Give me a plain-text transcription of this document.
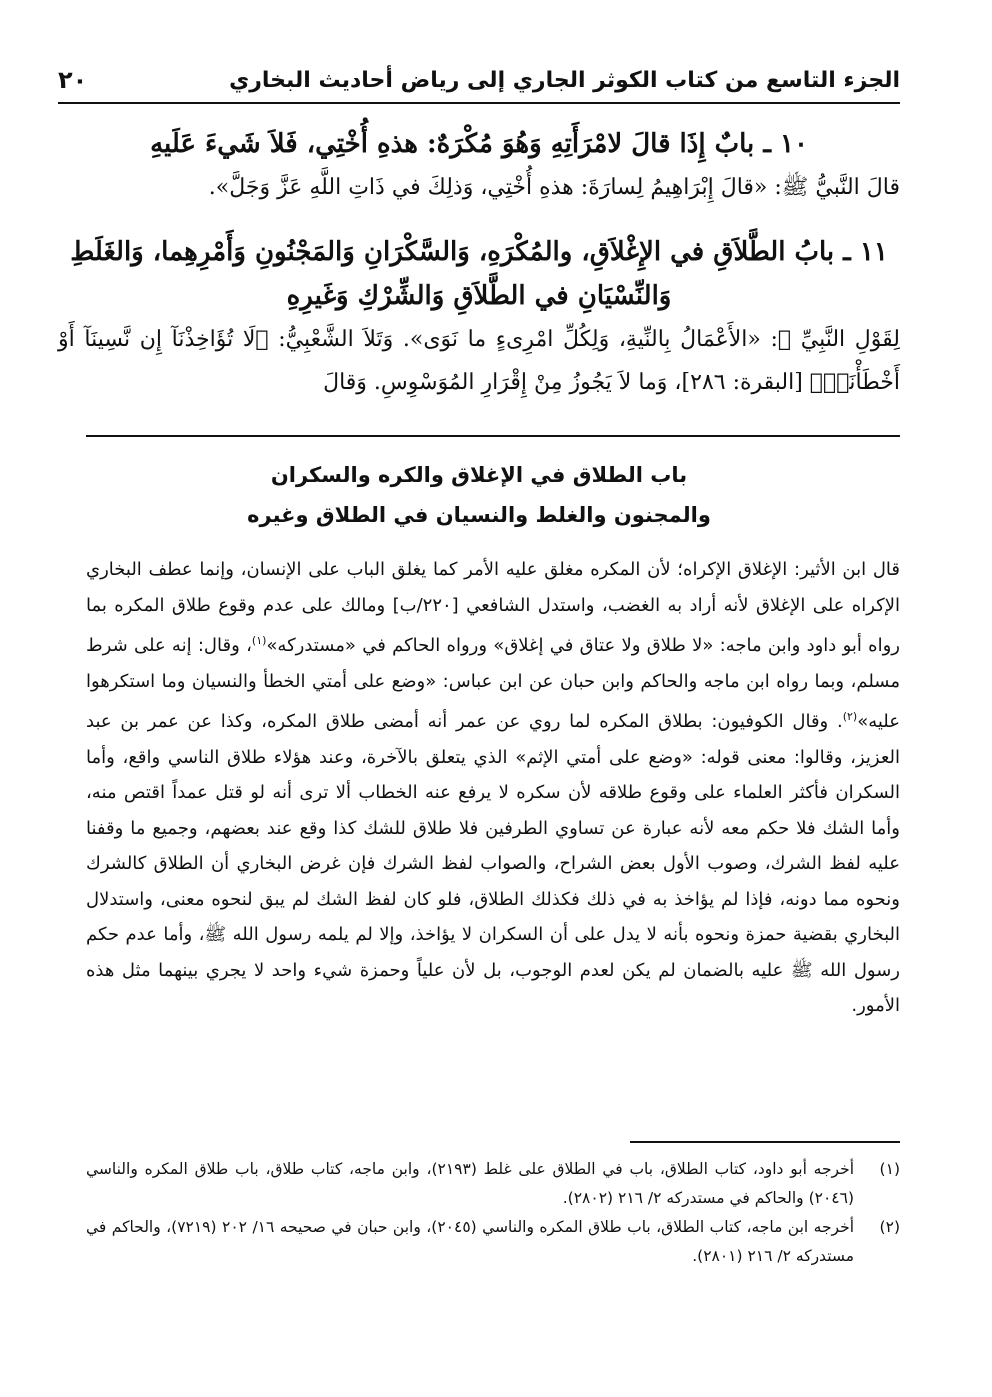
الجزء التاسع من كتاب الكوثر الجاري إلى رياض أحاديث البخاري
٢٠
١٠ ـ بابٌ إِذَا قالَ لامْرَأَتِهِ وَهُوَ مُكْرَهٌ: هذهِ أُخْتِي، فَلاَ شَيءَ عَلَيهِ
قالَ النَّبيُّ ﷺ: «قالَ إِبْرَاهِيمُ لِسارَةَ: هذهِ أُخْتِي، وَذلِكَ في ذَاتِ اللَّهِ عَزَّ وَجَلَّ».
١١ ـ بابُ الطَّلاَقِ في الإِغْلاَقِ، والمُكْرَهِ، وَالسَّكْرَانِ وَالمَجْنُونِ وَأَمْرِهِما، وَالغَلَطِ وَالنِّسْيَانِ في الطَّلاَقِ وَالشِّرْكِ وَغَيرِهِ
لِقَوْلِ النَّبِيِّ ﷺ: «الأَعْمَالُ بِالنِّيةِ، وَلِكُلِّ امْرِىءٍ ما نَوَى». وَتَلاَ الشَّعْبِيُّ: ﴿لَا تُؤَاخِذْنَآ إِن نَّسِينَآ أَوْ أَخْطَأْنَاۚ﴾ [البقرة: ٢٨٦]، وَما لاَ يَجُوزُ مِنْ إِقْرَارِ المُوَسْوِسِ. وَقالَ
باب الطلاق في الإغلاق والكره والسكران
والمجنون والغلط والنسيان في الطلاق وغيره
قال ابن الأثير: الإغلاق الإكراه؛ لأن المكره مغلق عليه الأمر كما يغلق الباب على الإنسان، وإنما عطف البخاري الإكراه على الإغلاق لأنه أراد به الغضب، واستدل الشافعي [٢٢٠/ب] ومالك على عدم وقوع طلاق المكره بما رواه أبو داود وابن ماجه: «لا طلاق ولا عتاق في إغلاق» ورواه الحاكم في «مستدركه»$^{(١)}$، وقال: إنه على شرط مسلم، وبما رواه ابن ماجه والحاكم وابن حبان عن ابن عباس: «وضع على أمتي الخطأ والنسيان وما استكرهوا عليه»$^{(٢)}$. وقال الكوفيون: بطلاق المكره لما روي عن عمر أنه أمضى طلاق المكره، وكذا عن عمر بن عبد العزيز، وقالوا: معنى قوله: «وضع على أمتي الإثم» الذي يتعلق بالآخرة، وعند هؤلاء طلاق الناسي واقع، وأما السكران فأكثر العلماء على وقوع طلاقه لأن سكره لا يرفع عنه الخطاب ألا ترى أنه لو قتل عمداً اقتص منه، وأما الشك فلا حكم معه لأنه عبارة عن تساوي الطرفين فلا طلاق للشك كذا وقع عند بعضهم، وجميع ما وقفنا عليه لفظ الشرك، وصوب الأول بعض الشراح، والصواب لفظ الشرك فإن غرض البخاري أن الطلاق كالشرك ونحوه مما دونه، فإذا لم يؤاخذ به في ذلك فكذلك الطلاق، فلو كان لفظ الشك لم يبق لنحوه معنى، واستدلال البخاري بقضية حمزة ونحوه بأنه لا يدل على أن السكران لا يؤاخذ، وإلا لم يلمه رسول الله ﷺ، وأما عدم حكم رسول الله ﷺ عليه بالضمان لم يكن لعدم الوجوب، بل لأن علياً وحمزة شيء واحد لا يجري بينهما مثل هذه الأمور.
(١)
أخرجه أبو داود، كتاب الطلاق، باب في الطلاق على غلط (٢١٩٣)، وابن ماجه، كتاب طلاق، باب طلاق المكره والناسي (٢٠٤٦) والحاكم في مستدركه ٢/ ٢١٦ (٢٨٠٢).
(٢)
أخرجه ابن ماجه، كتاب الطلاق، باب طلاق المكره والناسي (٢٠٤٥)، وابن حبان في صحيحه ١٦/ ٢٠٢ (٧٢١٩)، والحاكم في مستدركه ٢/ ٢١٦ (٢٨٠١).
